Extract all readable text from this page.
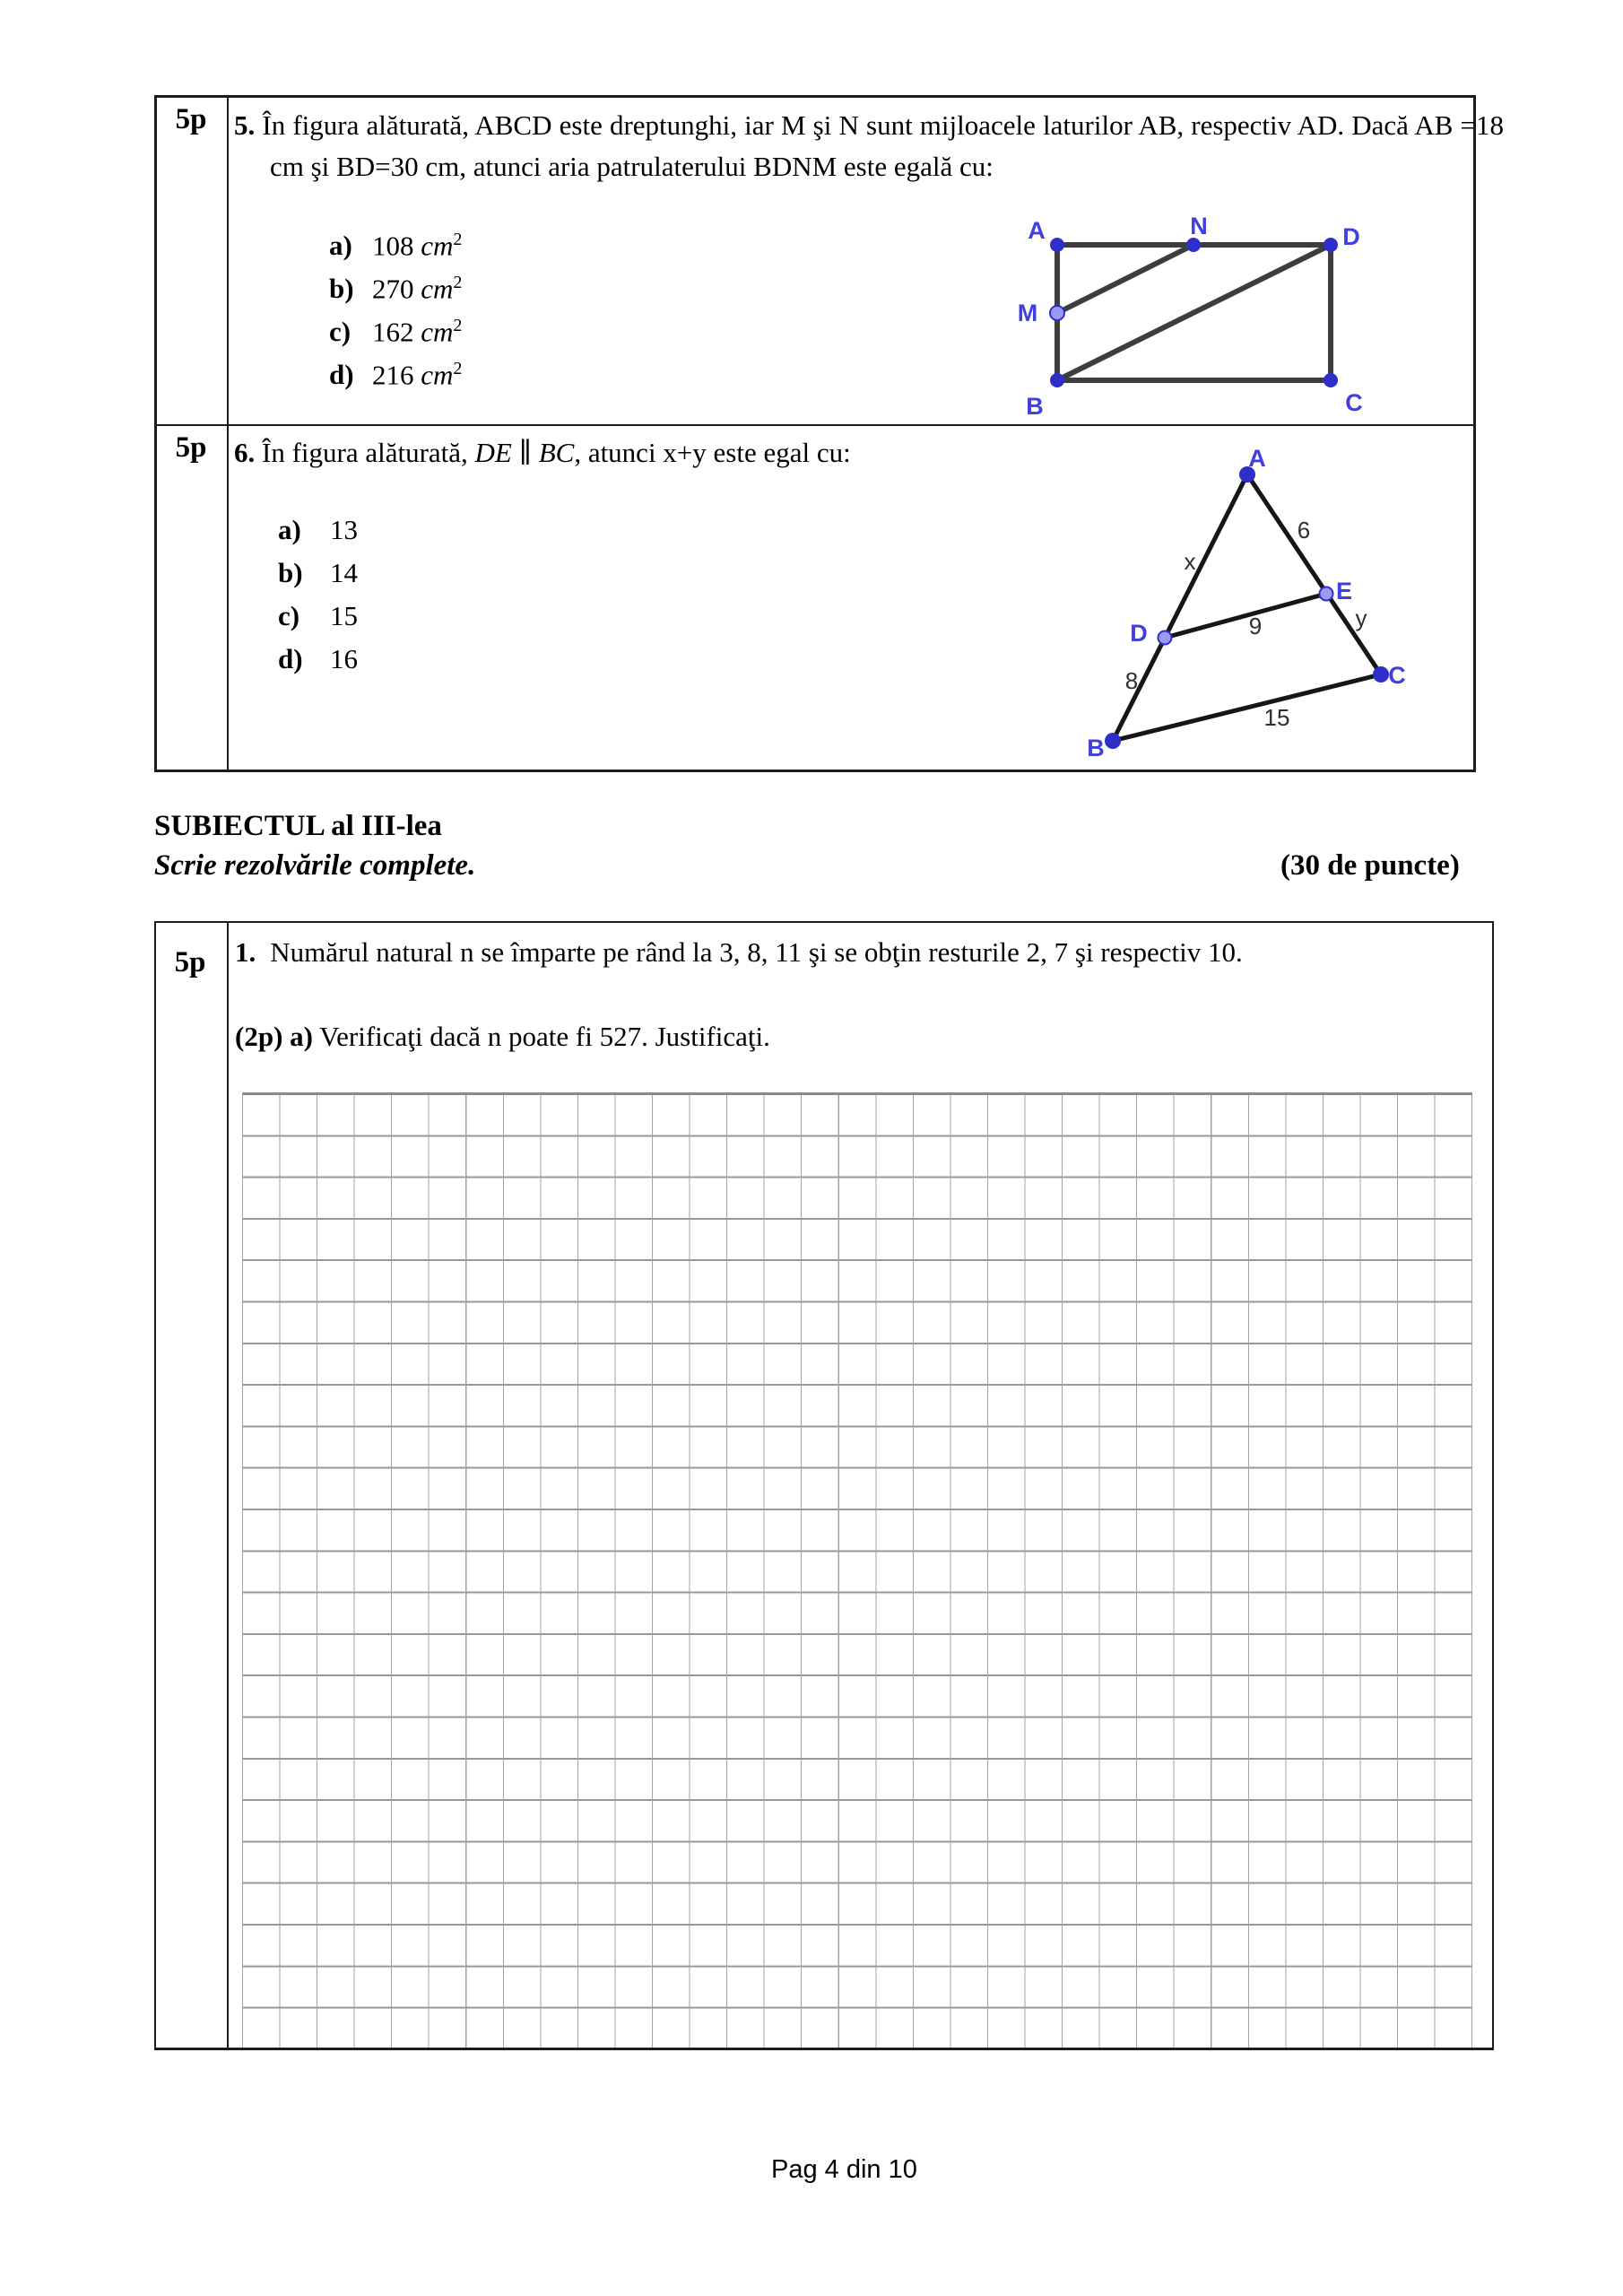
5p 5. În figura alăturată, ABCD este dreptunghi, iar M şi N sunt mijloacele laturilor AB, respectiv AD. Dacă AB =18 cm şi BD=30 cm, atunci aria patrulaterului BDNM este egală cu:

a) 108 $cm^2$
b) 270 $cm^2$
c) 162 $cm^2$
d) 216 $cm^2$
A	N	D
M
B	C
5p 6. În figura alăturată, DE ∥ BC, atunci x+y este egal cu:
a) 13
b) 14
c) 15
d) 16
A
D
E
B
C
x
6
9	y
8
15
SUBIECTUL al III-lea
Scrie rezolvările complete.	(30 de puncte)
5p	1. Numărul natural n se împarte pe rând la 3, 8, 11 şi se obţin resturile 2, 7 şi respectiv 10.
(2p) a) Verificaţi dacă n poate fi 527. Justificaţi.
Pag 4 din 10
